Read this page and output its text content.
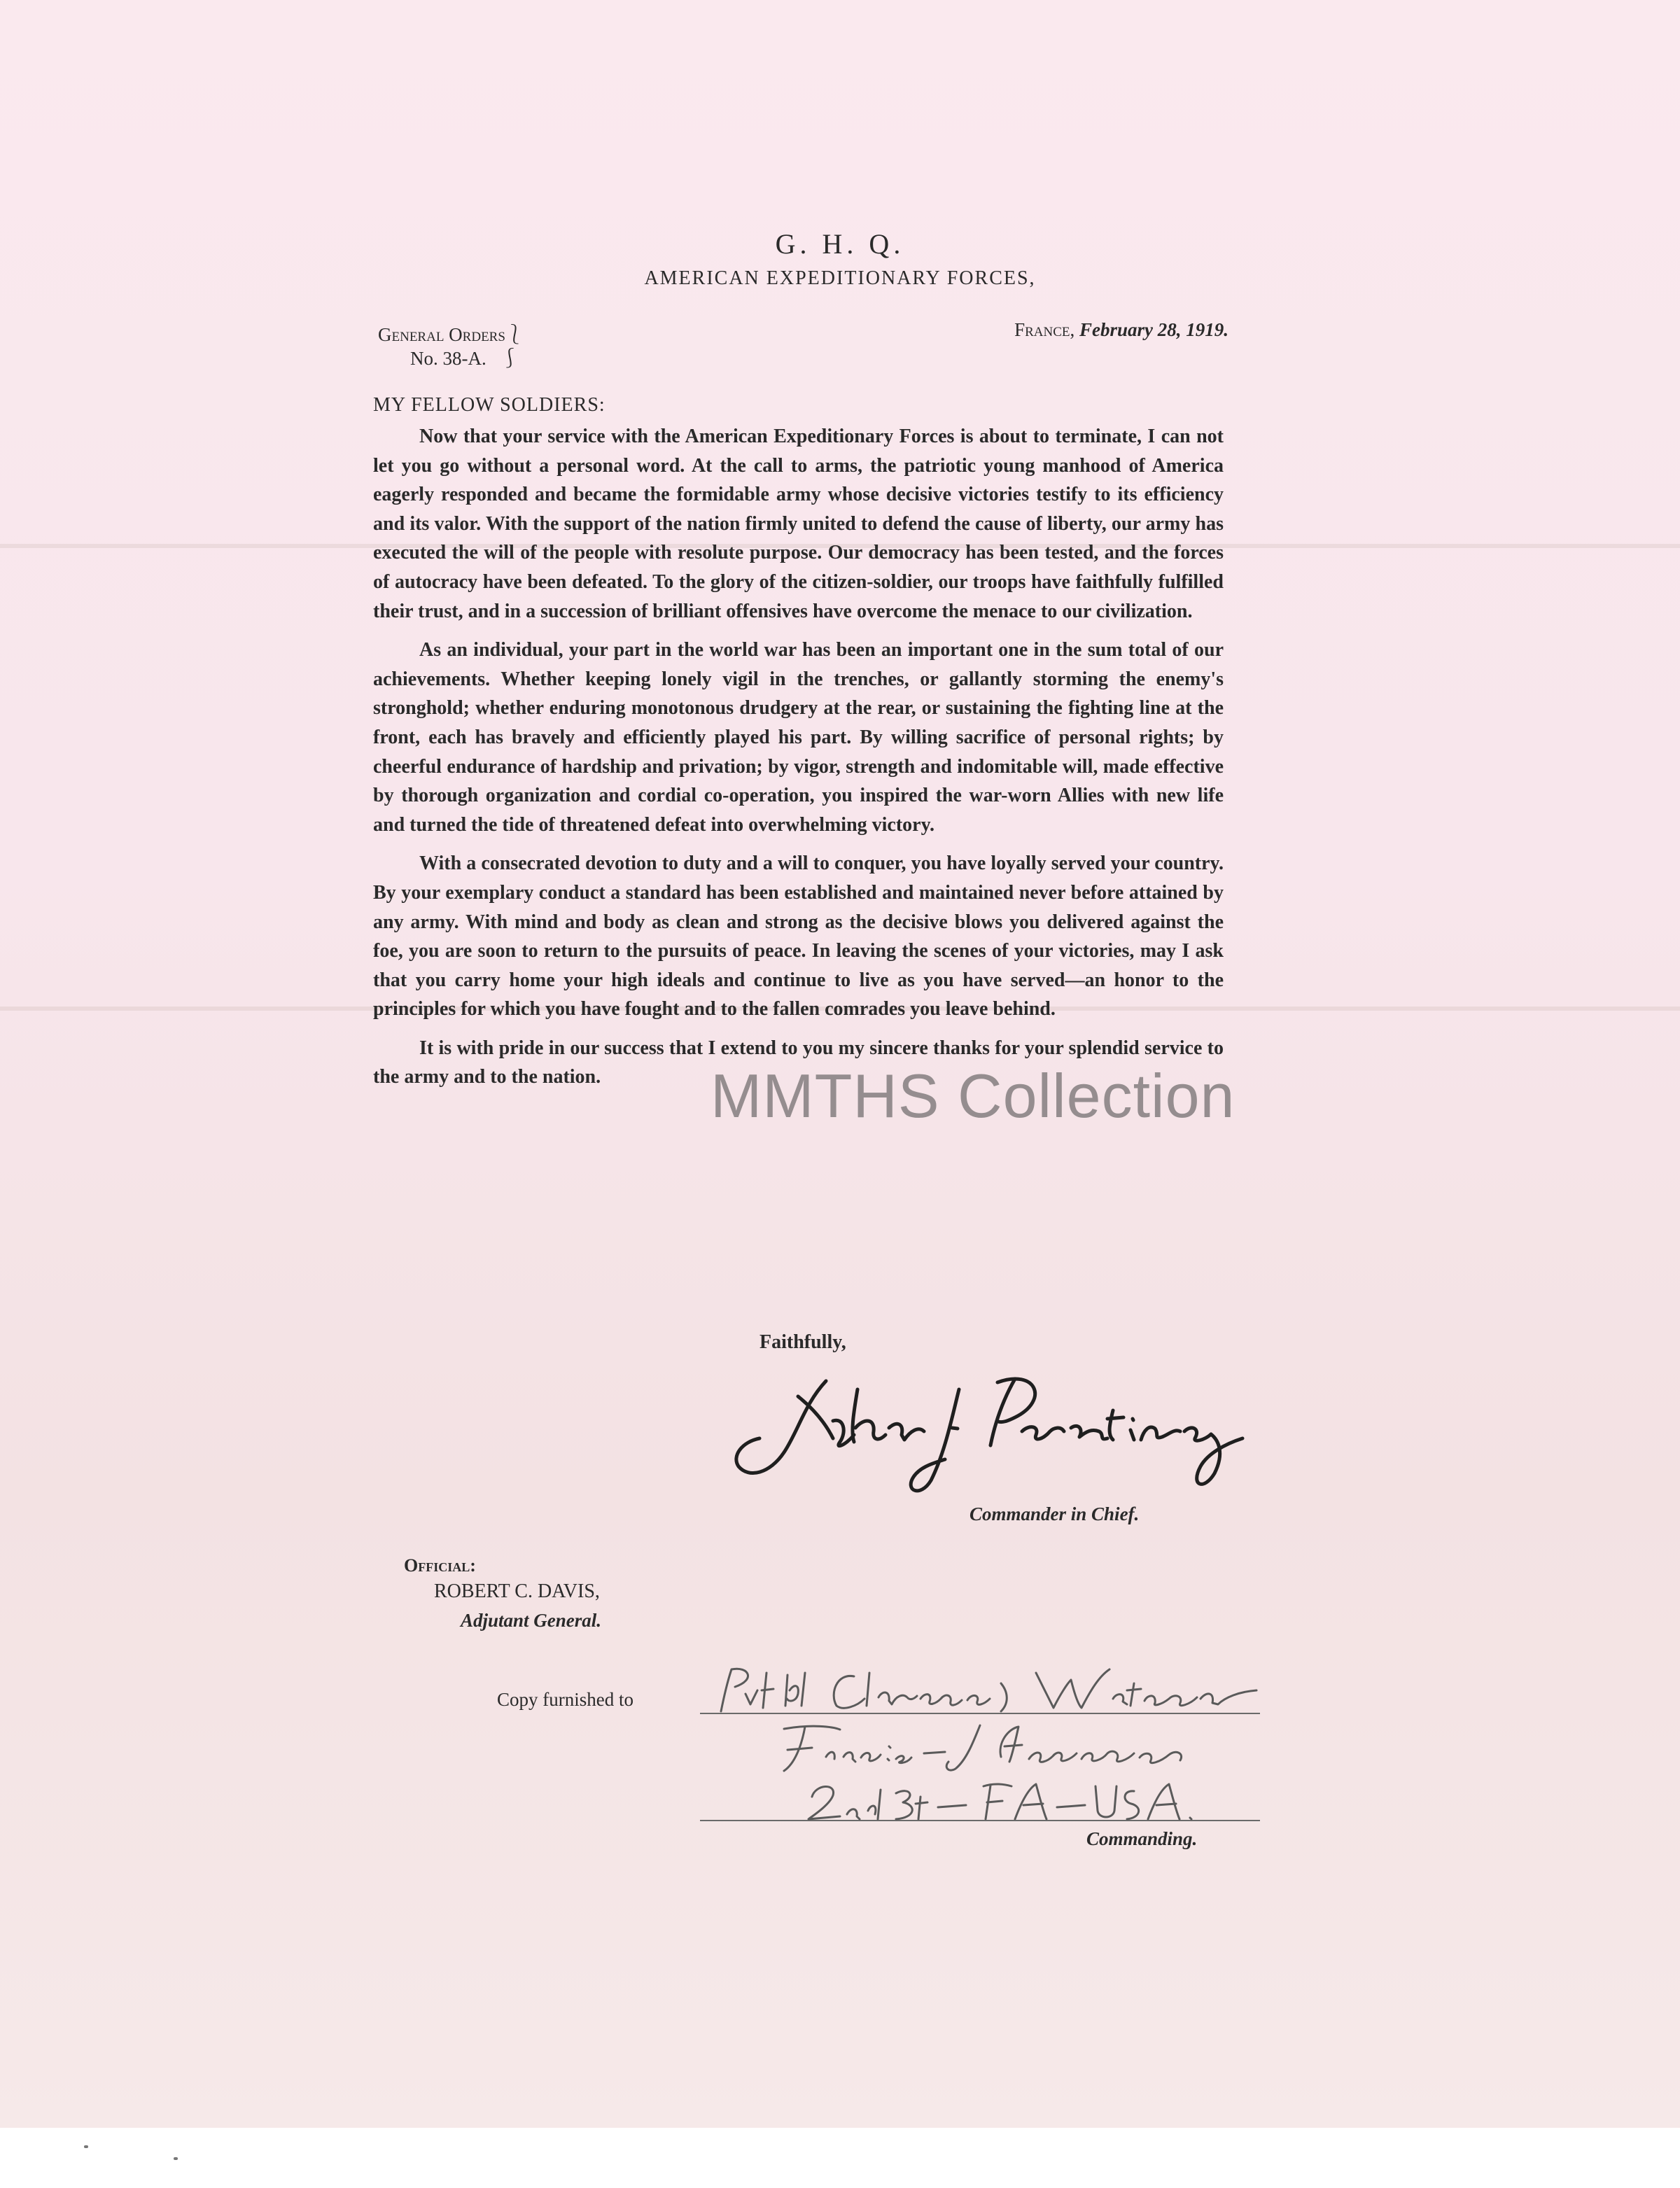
G. H. Q.
AMERICAN EXPEDITIONARY FORCES,
General Orders⎱
No. 38-A.   ⎰
France, February 28, 1919.
MY FELLOW SOLDIERS:

Now that your service with the American Expeditionary Forces is about to terminate, I can not let you go without a personal word. At the call to arms, the patriotic young manhood of America eagerly responded and became the formidable army whose decisive victories testify to its efficiency and its valor. With the support of the nation firmly united to defend the cause of liberty, our army has executed the will of the people with resolute purpose. Our democracy has been tested, and the forces of autocracy have been defeated. To the glory of the citizen-soldier, our troops have faithfully fulfilled their trust, and in a succession of brilliant offensives have overcome the menace to our civilization.

As an individual, your part in the world war has been an important one in the sum total of our achievements. Whether keeping lonely vigil in the trenches, or gallantly storming the enemy's stronghold; whether enduring monotonous drudgery at the rear, or sustaining the fighting line at the front, each has bravely and efficiently played his part. By willing sacrifice of personal rights; by cheerful endurance of hardship and privation; by vigor, strength and indomitable will, made effective by thorough organization and cordial co-operation, you inspired the war-worn Allies with new life and turned the tide of threatened defeat into overwhelming victory.

With a consecrated devotion to duty and a will to conquer, you have loyally served your country. By your exemplary conduct a standard has been established and maintained never before attained by any army. With mind and body as clean and strong as the decisive blows you delivered against the foe, you are soon to return to the pursuits of peace. In leaving the scenes of your victories, may I ask that you carry home your high ideals and continue to live as you have served—an honor to the principles for which you have fought and to the fallen comrades you leave behind.

It is with pride in our success that I extend to you my sincere thanks for your splendid service to the army and to the nation.

Faithfully,
Commander in Chief.
Official:
ROBERT C. DAVIS,
Adjutant General.
Copy furnished to
Commanding.
MMTHS Collection
